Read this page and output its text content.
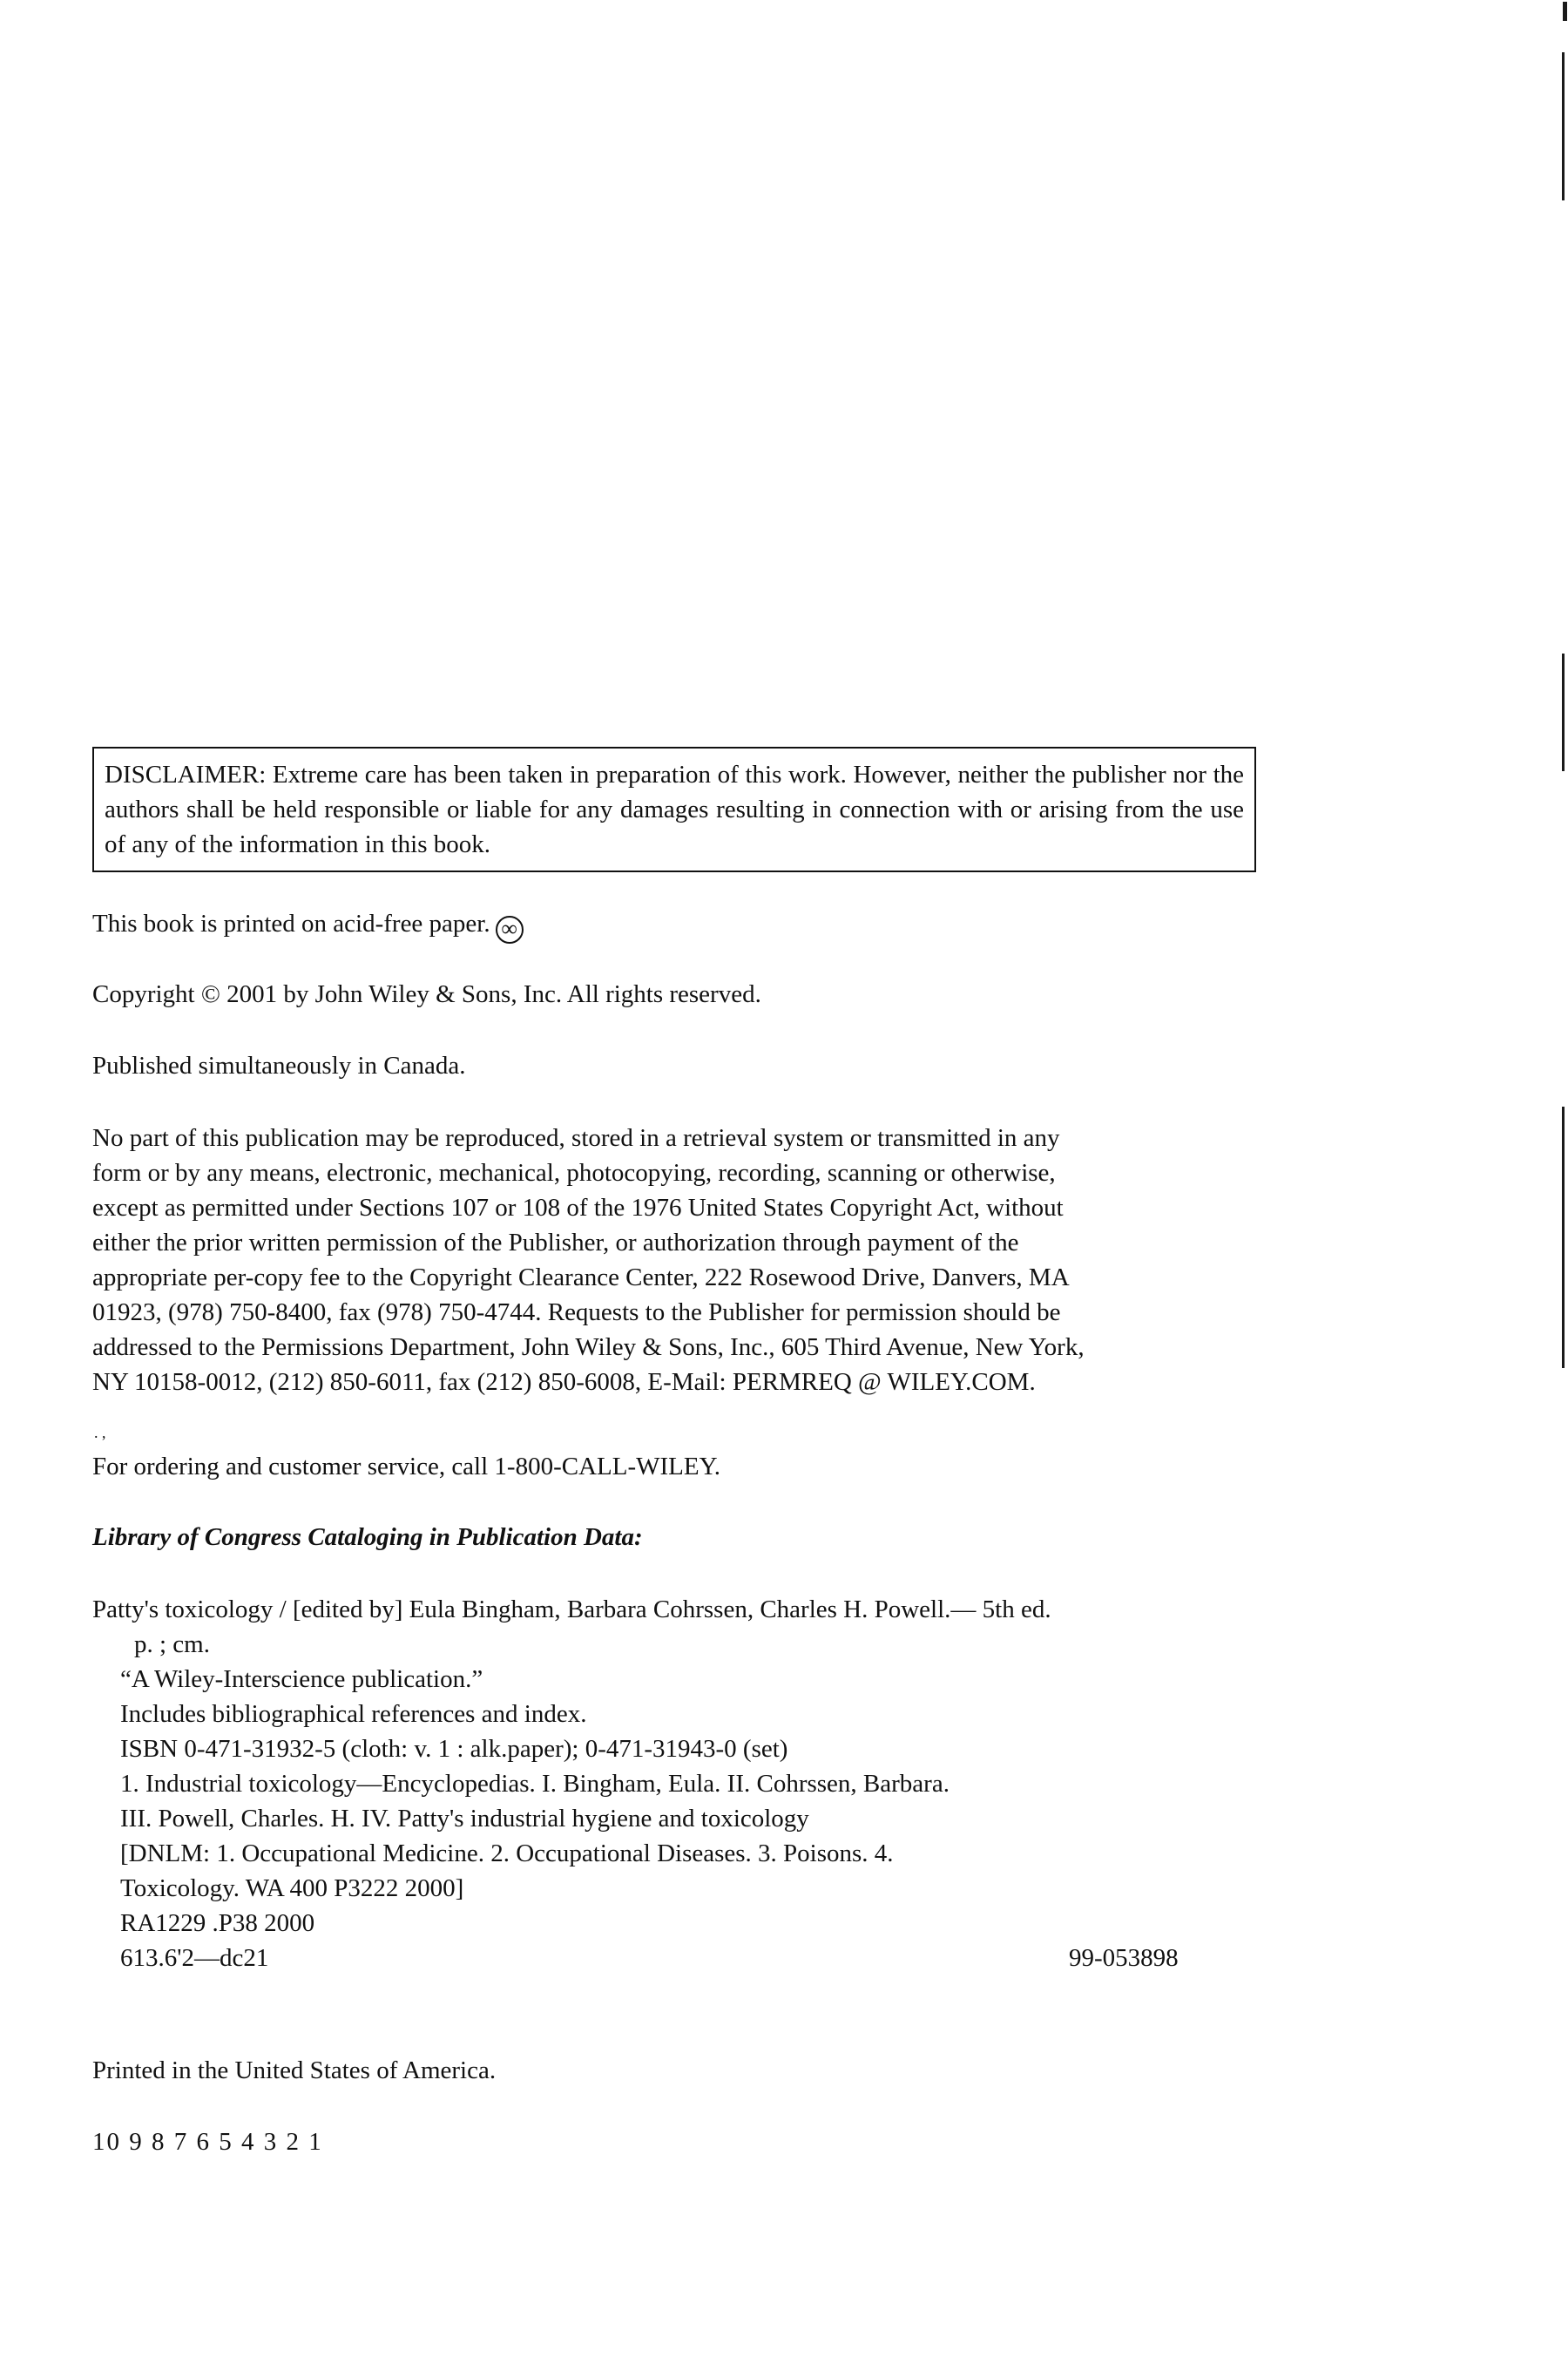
DISCLAIMER: Extreme care has been taken in preparation of this work. However, neither the publisher nor the authors shall be held responsible or liable for any damages resulting in connection with or arising from the use of any of the information in this book.
This book is printed on acid-free paper. ∞
Copyright © 2001 by John Wiley & Sons, Inc. All rights reserved.
Published simultaneously in Canada.
No part of this publication may be reproduced, stored in a retrieval system or transmitted in any
form or by any means, electronic, mechanical, photocopying, recording, scanning or otherwise,
except as permitted under Sections 107 or 108 of the 1976 United States Copyright Act, without
either the prior written permission of the Publisher, or authorization through payment of the
appropriate per-copy fee to the Copyright Clearance Center, 222 Rosewood Drive, Danvers, MA
01923, (978) 750-8400, fax (978) 750-4744. Requests to the Publisher for permission should be
addressed to the Permissions Department, John Wiley & Sons, Inc., 605 Third Avenue, New York,
NY 10158-0012, (212) 850-6011, fax (212) 850-6008, E-Mail: PERMREQ @ WILEY.COM.
. ,
For ordering and customer service, call 1-800-CALL-WILEY.
Library of Congress Cataloging in Publication Data:
Patty's toxicology / [edited by] Eula Bingham, Barbara Cohrssen, Charles H. Powell.— 5th ed.
p. ; cm.
“A Wiley-Interscience publication.”
Includes bibliographical references and index.
ISBN 0-471-31932-5 (cloth: v. 1 : alk.paper); 0-471-31943-0 (set)
1. Industrial toxicology—Encyclopedias. I. Bingham, Eula. II. Cohrssen, Barbara.
III. Powell, Charles. H. IV. Patty's industrial hygiene and toxicology
[DNLM: 1. Occupational Medicine. 2. Occupational Diseases. 3. Poisons. 4.
Toxicology. WA 400 P3222 2000]
RA1229 .P38 2000
613.6'2—dc21	99-053898
Printed in the United States of America.
10 9 8 7 6 5 4 3 2 1
